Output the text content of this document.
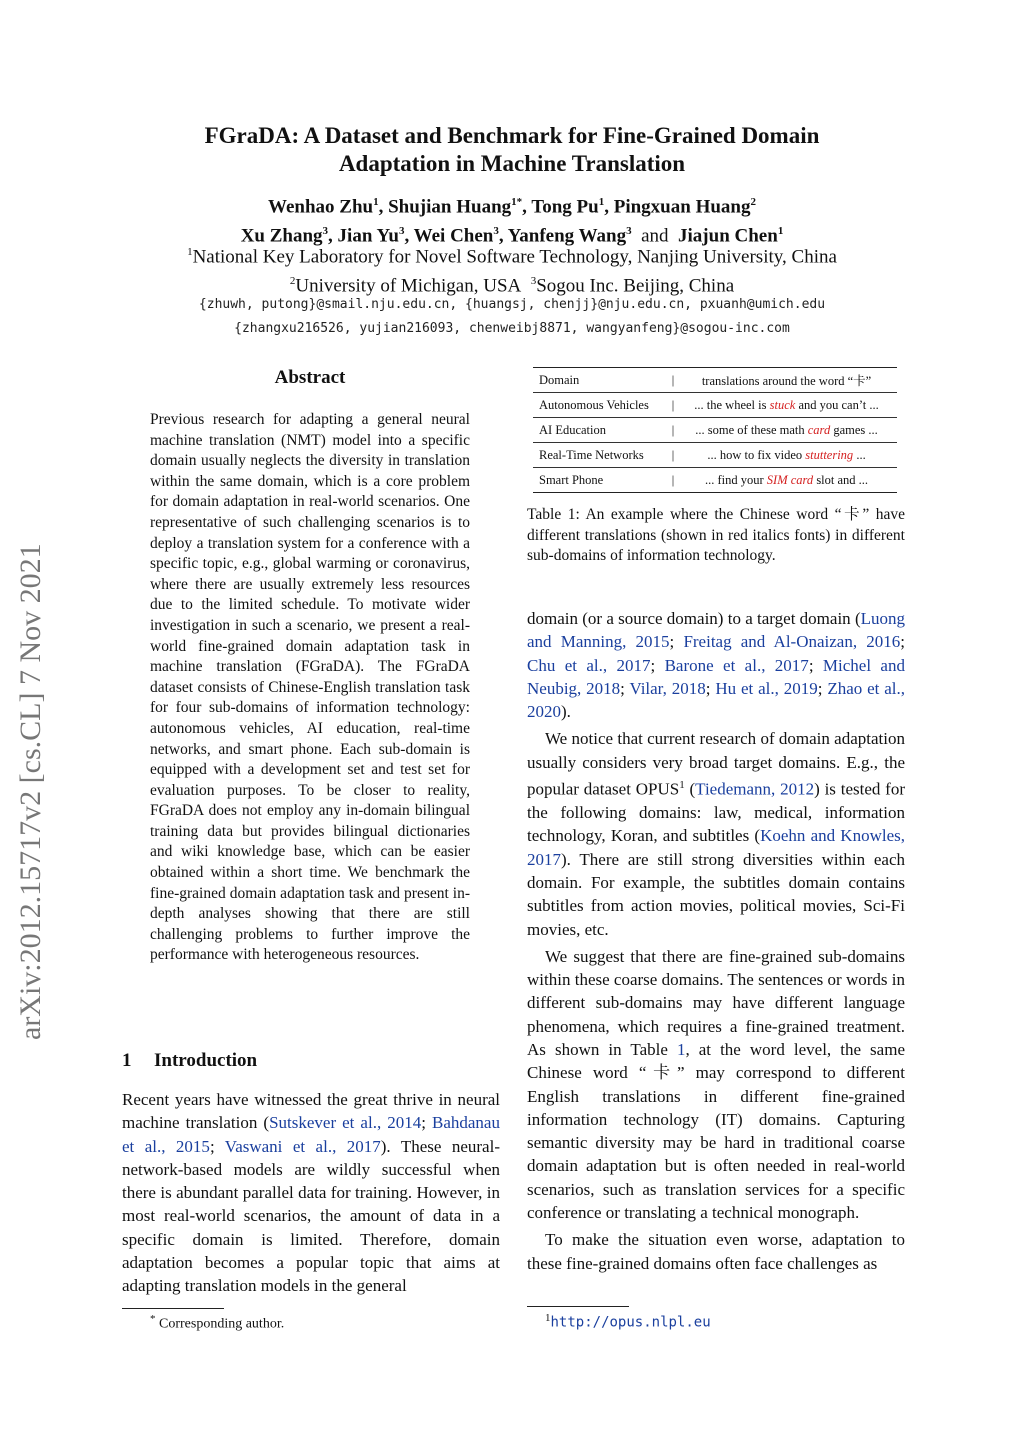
FGraDA: A Dataset and Benchmark for Fine-Grained Domain
Adaptation in Machine Translation
Wenhao Zhu$^1$, Shujian Huang$^{1*}$, Tong Pu$^1$, Pingxuan Huang$^2$
Xu Zhang$^3$, Jian Yu$^3$, Wei Chen$^3$, Yanfeng Wang$^3$ and Jiajun Chen$^1$
$^1$National Key Laboratory for Novel Software Technology, Nanjing University, China
$^2$University of Michigan, USA $^3$Sogou Inc. Beijing, China
{zhuwh, putong}@smail.nju.edu.cn, {huangsj, chenjj}@nju.edu.cn, pxuanh@umich.edu
{zhangxu216526, yujian216093, chenweibj8871, wangyanfeng}@sogou-inc.com
arXiv:2012.15717v2 [cs.CL] 7 Nov 2021
Abstract
Previous research for adapting a general neural machine translation (NMT) model into a specific domain usually neglects the diversity in translation within the same domain, which is a core problem for domain adaptation in real-world scenarios. One representative of such challenging scenarios is to deploy a translation system for a conference with a specific topic, e.g., global warming or coronavirus, where there are usually extremely less resources due to the limited schedule. To motivate wider investigation in such a scenario, we present a real-world fine-grained domain adaptation task in machine translation (FGraDA). The FGraDA dataset consists of Chinese-English translation task for four sub-domains of information technology: autonomous vehicles, AI education, real-time networks, and smart phone. Each sub-domain is equipped with a development set and test set for evaluation purposes. To be closer to reality, FGraDA does not employ any in-domain bilingual training data but provides bilingual dictionaries and wiki knowledge base, which can be easier obtained within a short time. We benchmark the fine-grained domain adaptation task and present in-depth analyses showing that there are still challenging problems to further improve the performance with heterogeneous resources.
1 Introduction
Recent years have witnessed the great thrive in neural machine translation (Sutskever et al., 2014; Bahdanau et al., 2015; Vaswani et al., 2017). These neural-network-based models are wildly successful when there is abundant parallel data for training. However, in most real-world scenarios, the amount of data in a specific domain is limited. Therefore, domain adaptation becomes a popular topic that aims at adapting translation models in the general
* Corresponding author.
Domain	|	translations around the word “卡”
Autonomous Vehicles	|	... the wheel is stuck and you can’t ...
AI Education	|	... some of these math card games ...
Real-Time Networks	|	... how to fix video stuttering ...
Smart Phone	|	... find your SIM card slot and ...
Table 1: An example where the Chinese word “卡” have different translations (shown in red italics fonts) in different sub-domains of information technology.

domain (or a source domain) to a target domain (Luong and Manning, 2015; Freitag and Al-Onaizan, 2016; Chu et al., 2017; Barone et al., 2017; Michel and Neubig, 2018; Vilar, 2018; Hu et al., 2019; Zhao et al., 2020).

We notice that current research of domain adaptation usually considers very broad target domains. E.g., the popular dataset OPUS$^1$ (Tiedemann, 2012) is tested for the following domains: law, medical, information technology, Koran, and subtitles (Koehn and Knowles, 2017). There are still strong diversities within each domain. For example, the subtitles domain contains subtitles from action movies, political movies, Sci-Fi movies, etc.

We suggest that there are fine-grained sub-domains within these coarse domains. The sentences or words in different sub-domains may have different language phenomena, which requires a fine-grained treatment. As shown in Table 1, at the word level, the same Chinese word “卡” may correspond to different English translations in different fine-grained information technology (IT) domains. Capturing semantic diversity may be hard in traditional coarse domain adaptation but is often needed in real-world scenarios, such as translation services for a specific conference or translating a technical monograph.

To make the situation even worse, adaptation to these fine-grained domains often face challenges as

$^1$http://opus.nlpl.eu
